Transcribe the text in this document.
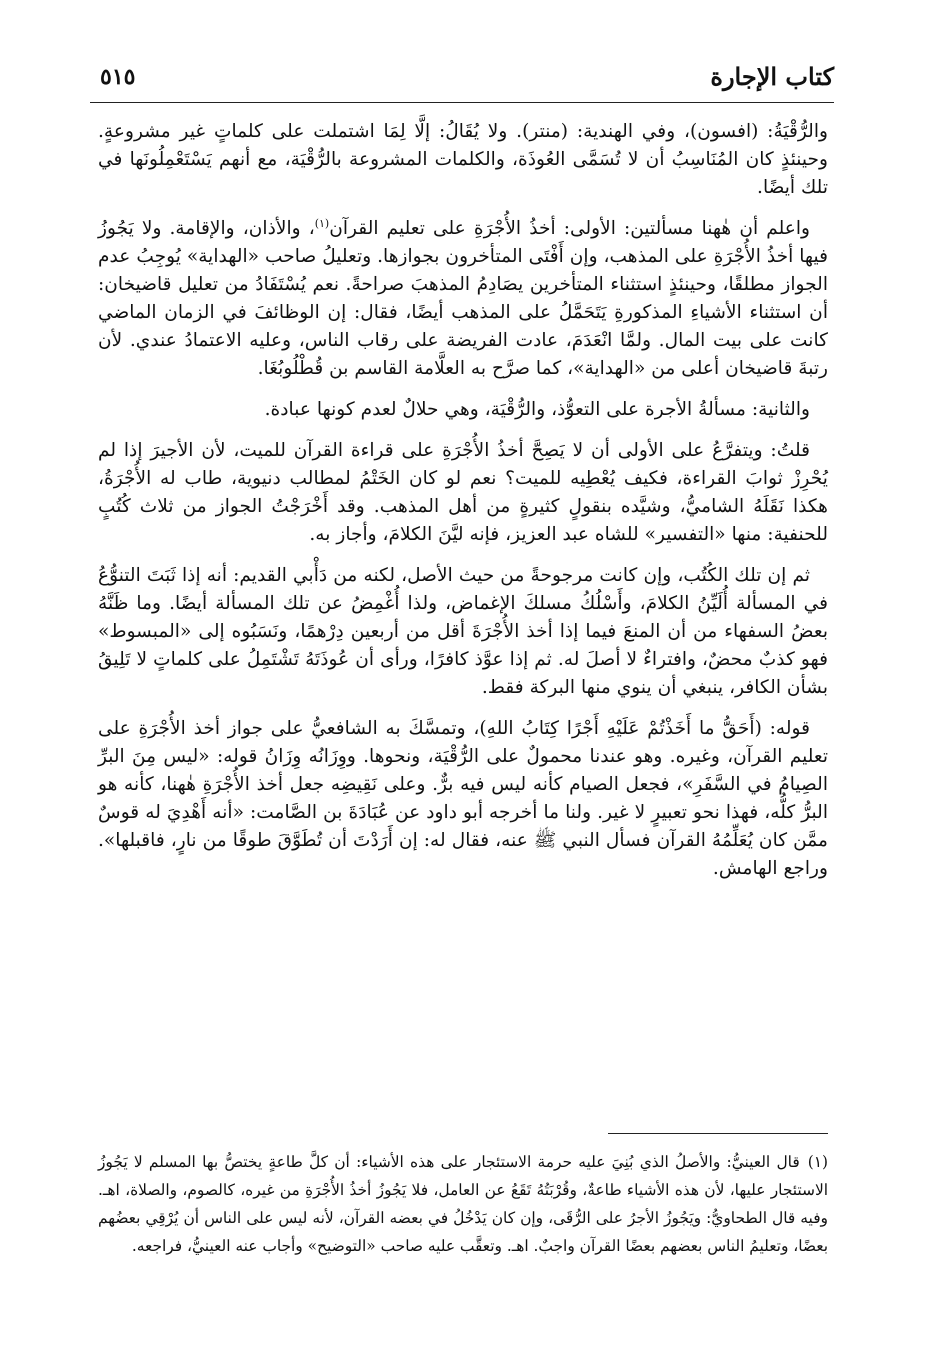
كتاب الإجارة
٥١٥

والرُّقْيَةُ: (افسون)، وفي الهندية: (منتر). ولا يُقَالُ: إلَّا لِمَا اشتملت على كلماتٍ غير مشروعةٍ. وحينئذٍ كان المُنَاسِبُ أن لا تُسَمَّى العُوذَة، والكلمات المشروعة بالرُّقْيَة، مع أنهم يَسْتَعْمِلُونَها في تلك أيضًا.

واعلم أن هٰهنا مسألتين: الأولى: أخذُ الأُجْرَةِ على تعليم القرآن$^{(١)}$، والأذان، والإقامة. ولا يَجُوزُ فيها أخذُ الأُجْرَةِ على المذهب، وإن أَفْتَى المتأخرون بجوازها. وتعليلُ صاحب «الهداية» يُوجِبُ عدم الجواز مطلقًا، وحينئذٍ استثناء المتأخرين يصَادِمُ المذهبَ صراحةً. نعم يُسْتَفَادُ من تعليل قاضيخان: أن استثناء الأشياءِ المذكورةِ يَتَحَمَّلُ على المذهب أيضًا، فقال: إن الوظائفَ في الزمان الماضي كانت على بيت المال. ولمَّا انْعَدَمَ، عادت الفريضة على رقاب الناس، وعليه الاعتمادُ عندي. لأن رتبةَ قاضيخان أعلى من «الهداية»، كما صرَّح به العلَّامة القاسم بن قُطْلُوبُغَا.

والثانية: مسألةُ الأجرة على التعوُّذ، والرُّقْيَة، وهي حلالٌ لعدم كونها عبادة.

قلتُ: ويتفرَّعُ على الأولى أن لا يَصِحَّ أخذُ الأُجْرَةِ على قراءة القرآن للميت، لأن الأجيرَ إذا لم يُحْرِزْ ثوابَ القراءة، فكيف يُعْطِيه للميت؟ نعم لو كان الخَتْمُ لمطالب دنيوية، طاب له الأُجْرَةُ، هكذا نَقَلَهُ الشاميُّ، وشيَّده بنقولٍ كثيرةٍ من أهل المذهب. وقد أَخْرَجْتُ الجواز من ثلاث كُتُبٍ للحنفية: منها «التفسير» للشاه عبد العزيز، فإنه ليَّنَ الكلامَ، وأجاز به.

ثم إن تلك الكُتُب، وإن كانت مرجوحةً من حيث الأصل، لكنه من دَأْبي القديم: أنه إذا ثَبَتَ التنوُّعُ في المسألة أُلَيِّنُ الكلامَ، وأَسْلُكُ مسلكَ الإغماض، ولذا أُغْمِضُ عن تلك المسألة أيضًا. وما ظَنَّهُ بعضُ السفهاء من أن المنعَ فيما إذا أخذ الأُجْرَةَ أقل من أربعين دِرْهمًا، ونَسَبُوه إلى «المبسوط» فهو كذبٌ محضٌ، وافتراءٌ لا أصلَ له. ثم إذا عوَّذ كافرًا، ورأى أن عُوذَتَهُ تَشْتَمِلُ على كلماتٍ لا تَلِيقُ بشأن الكافر، ينبغي أن ينوي منها البركة فقط.

قوله: (أَحَقُّ ما أَخَذْتُمْ عَلَيْهِ أَجْرًا كِتَابُ اللهِ)، وتمسَّكَ به الشافعيُّ على جواز أخذ الأُجْرَةِ على تعليم القرآن، وغيره. وهو عندنا محمولٌ على الرُّقْيَة، ونحوها. ووِزَانُه وِزَانُ قوله: «ليس مِنَ البرِّ الصِيامُ في السَّفَرِ»، فجعل الصيام كأنه ليس فيه برٌّ. وعلى نَقِيضِه جعل أخذ الأُجْرَةِ هٰهنا، كأنه هو البرُّ كلُّه، فهذا نحو تعبيرٍ لا غير. ولنا ما أخرجه أبو داود عن عُبَادَةَ بن الصَّامت: «أنه أَهْدِيَ له قوسٌ ممَّن كان يُعَلِّمُهُ القرآن فسأل النبي ﷺ عنه، فقال له: إن أَرَدْتَ أن تُطَوَّقَ طوقًا من نارٍ، فاقبلها». وراجع الهامش.

(١)قال العينيُّ: والأصلُ الذي بُنِيَ عليه حرمة الاستئجار على هذه الأشياء: أن كلَّ طاعةٍ يختصُّ بها المسلم لا يَجُوزُ الاستئجار عليها، لأن هذه الأشياء طاعةٌ، وقُرْبَتُهُ تَقَعُ عن العامل، فلا يَجُوزُ أخذُ الأُجْرَةِ من غيره، كالصوم، والصلاة، اهـ. وفيه قال الطحاويُّ: ويَجُوزُ الأجرُ على الرُّقَى، وإن كان يَدْخُلُ في بعضه القرآن، لأنه ليس على الناس أن يُرْقِي بعضُهم بعضًا، وتعليمُ الناس بعضهم بعضًا القرآن واجبٌ. اهـ. وتعقَّب عليه صاحب «التوضيح» وأجاب عنه العينيُّ، فراجعه.
